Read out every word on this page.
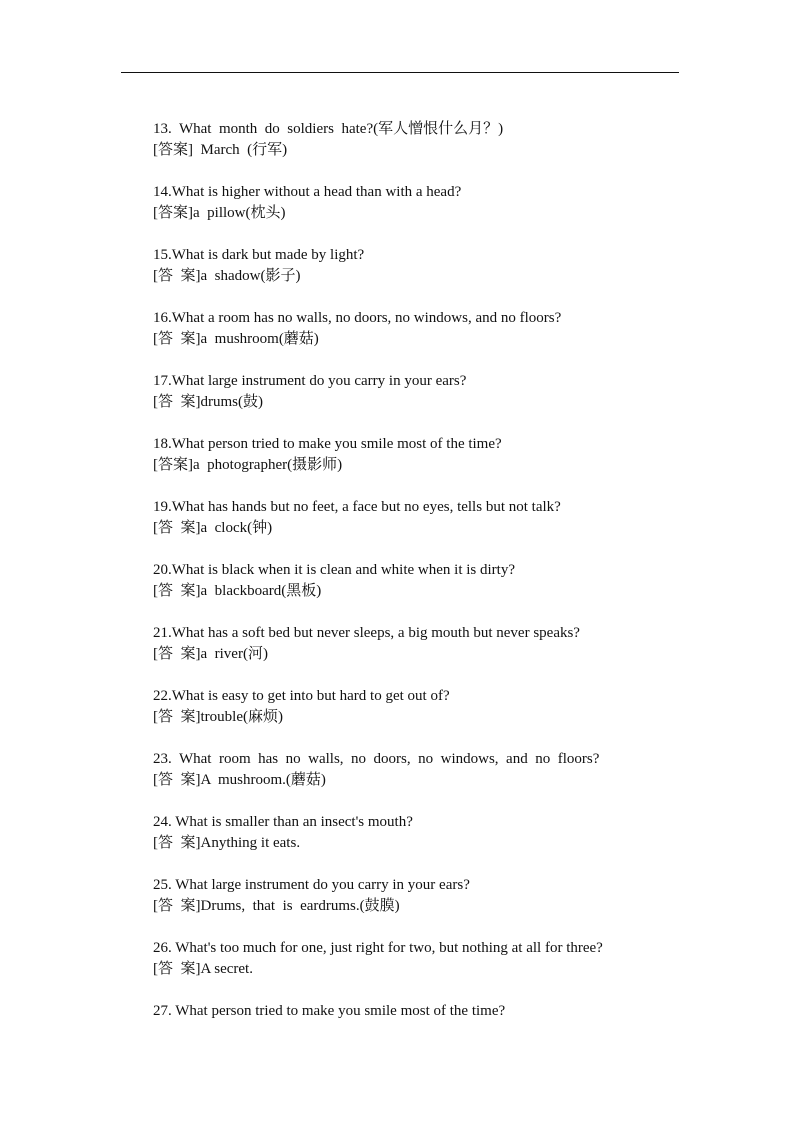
13.  What  month  do  soldiers  hate?(军人憎恨什么月？)
[答案]  March  (行军)
14.What is higher without a head than with a head?
[答案]a  pillow(枕头)
15.What is dark but made by light?
[答  案]a  shadow(影子)
16.What a room has no walls, no doors, no windows, and no floors?
[答  案]a  mushroom(蘑菇)
17.What large instrument do you carry in your ears?
[答  案]drums(鼓)
18.What person tried to make you smile most of the time?
[答案]a  photographer(摄影师)
19.What has hands but no feet, a face but no eyes, tells but not talk?
[答  案]a  clock(钟)
20.What is black when it is clean and white when it is dirty?
[答  案]a  blackboard(黑板)
21.What has a soft bed but never sleeps, a big mouth but never speaks?
[答  案]a  river(河)
22.What is easy to get into but hard to get out of?
[答  案]trouble(麻烦)
23.  What  room  has  no  walls,  no  doors,  no  windows,  and  no  floors?
[答  案]A  mushroom.(蘑菇)
24. What is smaller than an insect's mouth?
[答  案]Anything it eats.
25. What large instrument do you carry in your ears?
[答  案]Drums,  that  is  eardrums.(鼓膜)
26. What's too much for one, just right for two, but nothing at all for three?
[答  案]A secret.
27. What person tried to make you smile most of the time?
